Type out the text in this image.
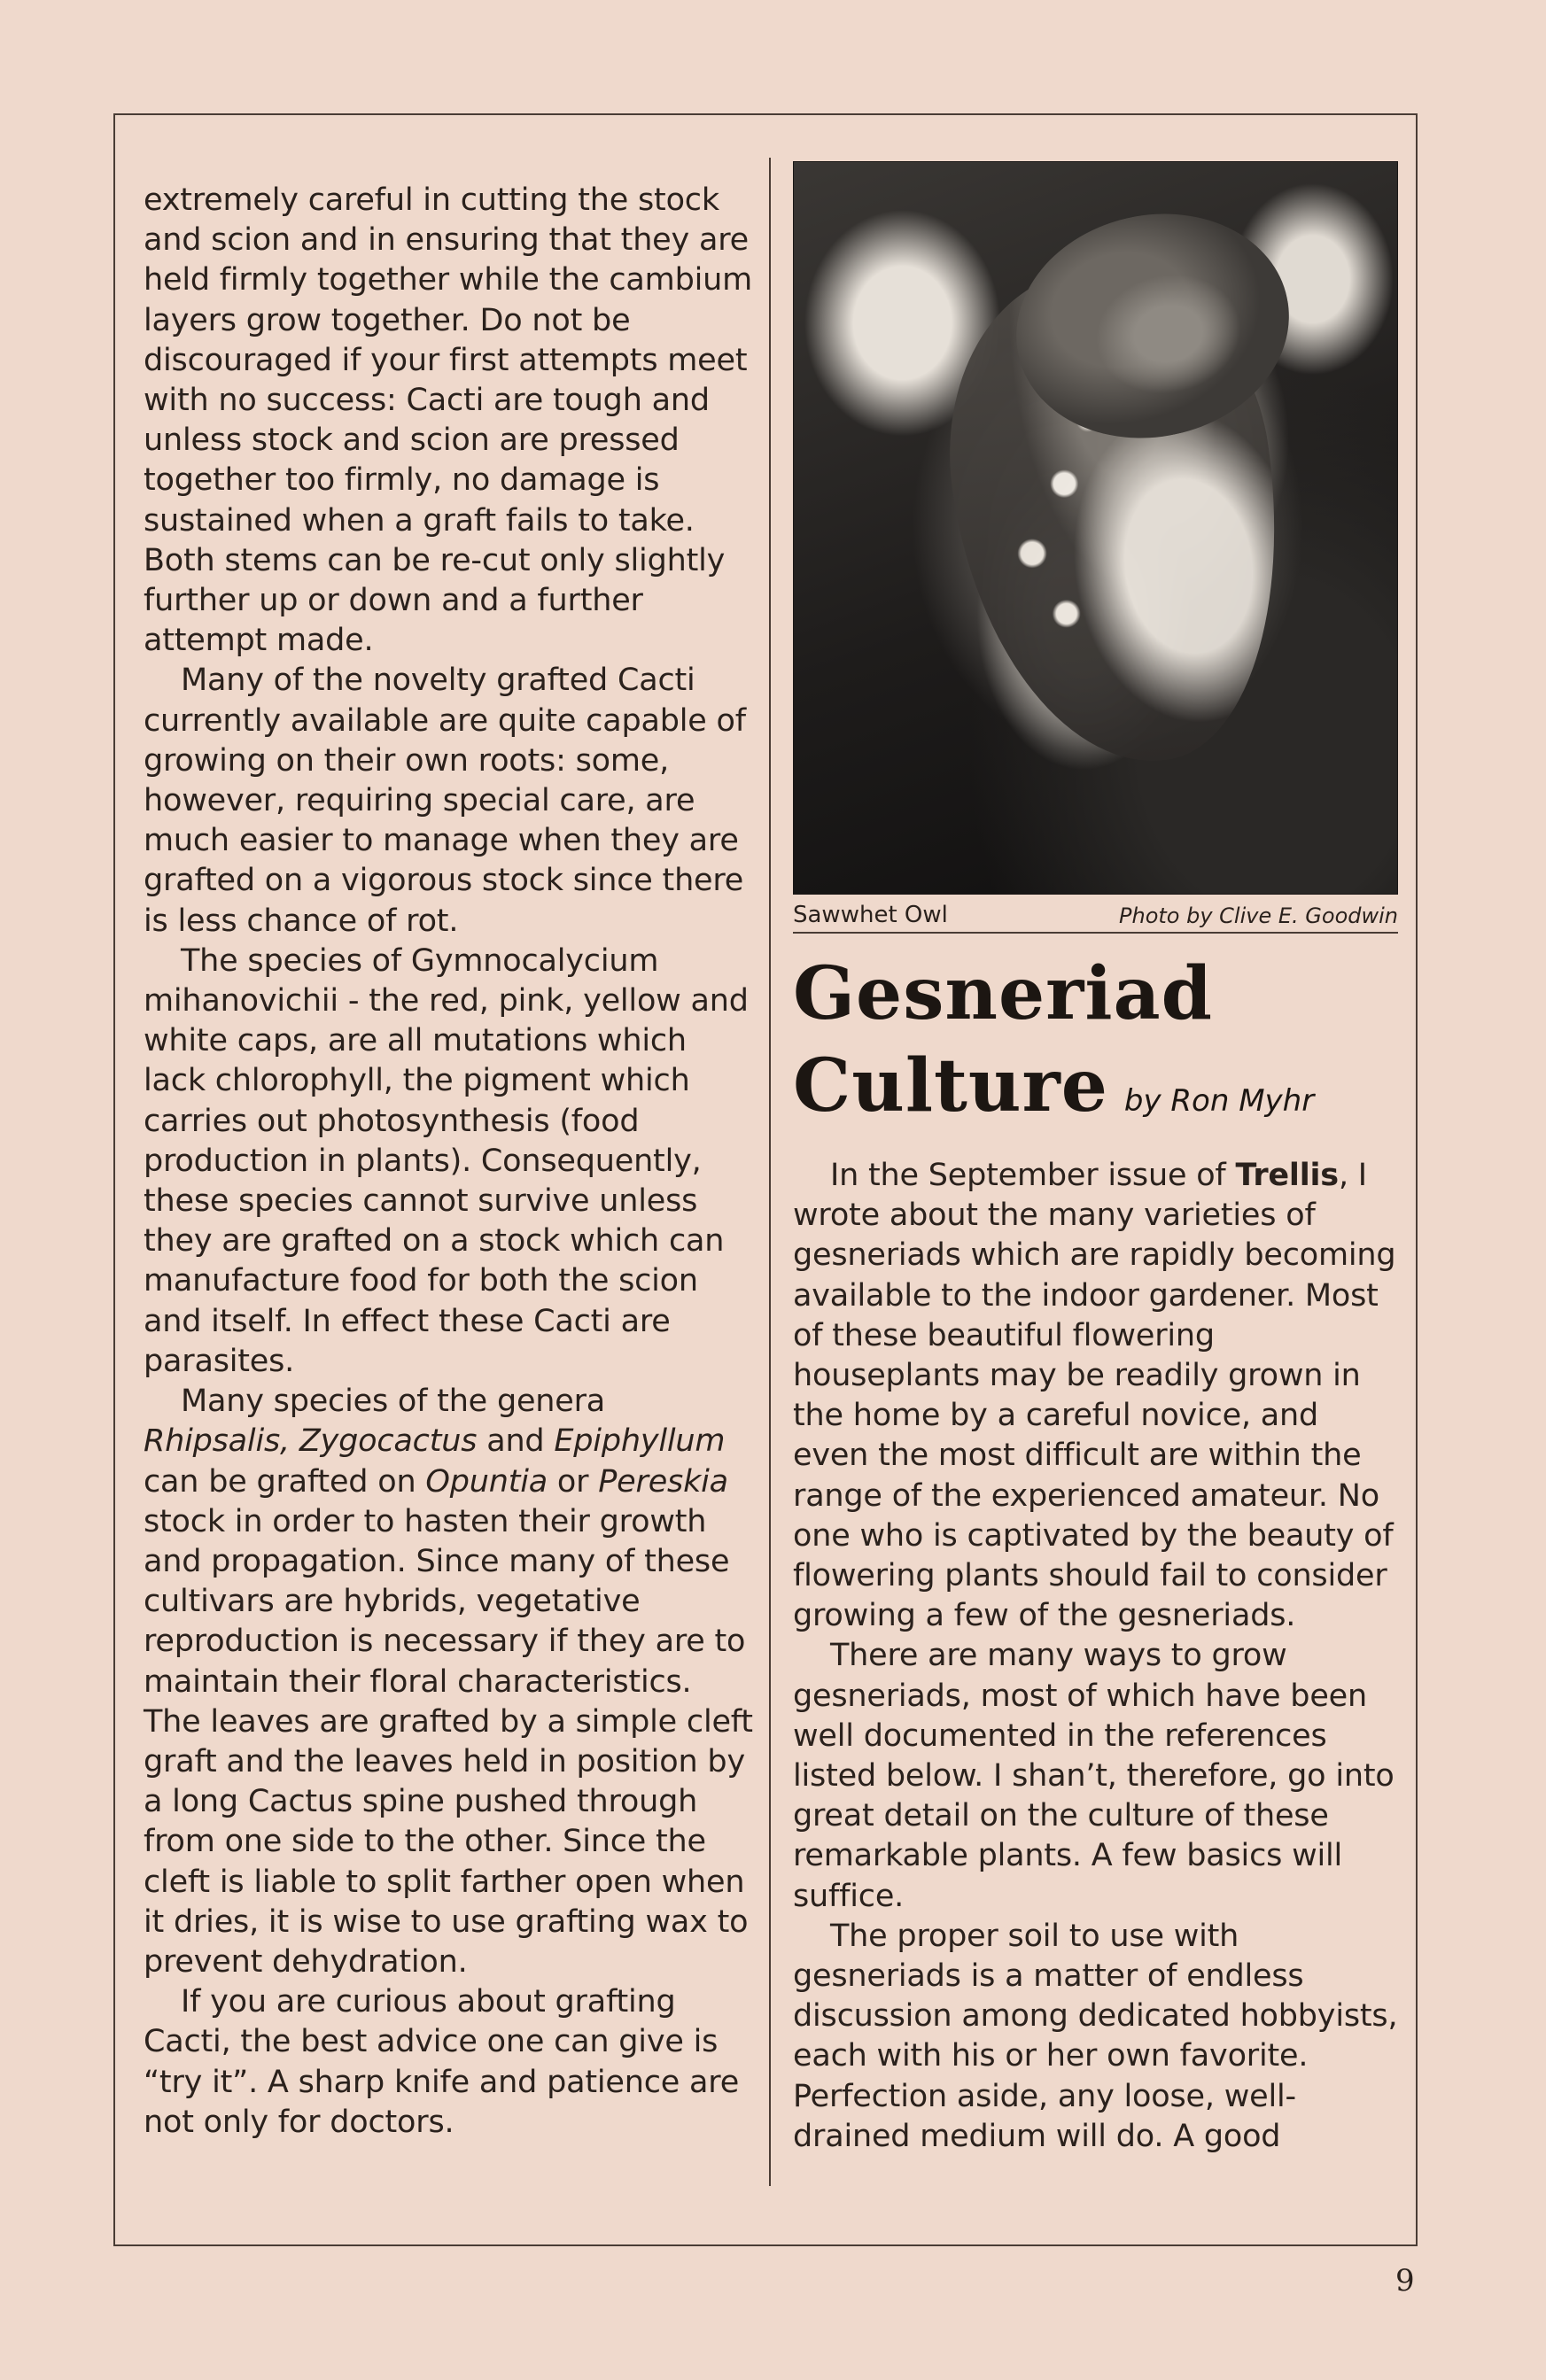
extremely careful in cutting the stock and scion and in ensuring that they are held firmly together while the cambium layers grow together. Do not be discouraged if your first attempts meet with no success: Cacti are tough and unless stock and scion are pressed together too firmly, no damage is sustained when a graft fails to take. Both stems can be re-cut only slightly further up or down and a further attempt made.

Many of the novelty grafted Cacti currently available are quite capable of growing on their own roots: some, however, requiring special care, are much easier to manage when they are grafted on a vigorous stock since there is less chance of rot.

The species of Gymnocalycium mihanovichii - the red, pink, yellow and white caps, are all mutations which lack chlorophyll, the pigment which carries out photosynthesis (food production in plants). Consequently, these species cannot survive unless they are grafted on a stock which can manufacture food for both the scion and itself. In effect these Cacti are parasites.

Many species of the genera Rhipsalis, Zygocactus and Epiphyllum can be grafted on Opuntia or Pereskia stock in order to hasten their growth and propagation. Since many of these cultivars are hybrids, vegetative reproduction is necessary if they are to maintain their floral characteristics. The leaves are grafted by a simple cleft graft and the leaves held in position by a long Cactus spine pushed through from one side to the other. Since the cleft is liable to split farther open when it dries, it is wise to use grafting wax to prevent dehydration.

If you are curious about grafting Cacti, the best advice one can give is “try it”. A sharp knife and patience are not only for doctors.

Sawwhet Owl	Photo by Clive E. Goodwin
Gesneriad
Culture by Ron Myhr

In the September issue of Trellis, I wrote about the many varieties of gesneriads which are rapidly becoming available to the indoor gardener. Most of these beautiful flowering houseplants may be readily grown in the home by a careful novice, and even the most difficult are within the range of the experienced amateur. No one who is captivated by the beauty of flowering plants should fail to consider growing a few of the gesneriads.

There are many ways to grow gesneriads, most of which have been well documented in the references listed below. I shan’t, therefore, go into great detail on the culture of these remarkable plants. A few basics will suffice.

The proper soil to use with gesneriads is a matter of endless discussion among dedicated hobbyists, each with his or her own favorite. Perfection aside, any loose, well-drained medium will do. A good

9
